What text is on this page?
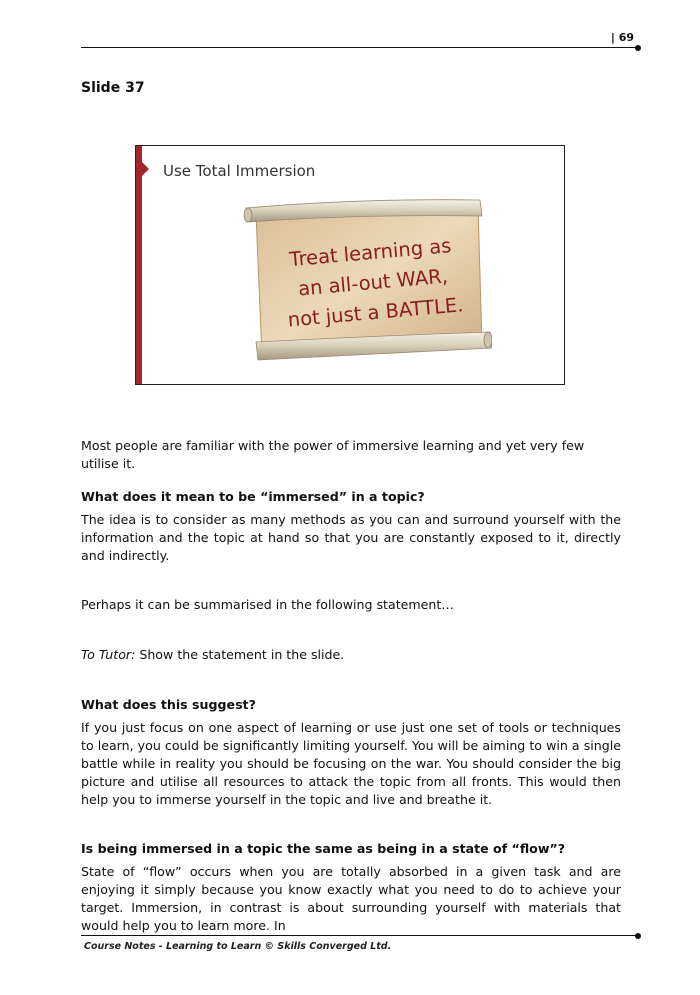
| 69
Slide 37
Use Total Immersion
Treat learning as
an all-out WAR,
not just a BATTLE.
Most people are familiar with the power of immersive learning and yet very few utilise it.
What does it mean to be “immersed” in a topic?
The idea is to consider as many methods as you can and surround yourself with the information and the topic at hand so that you are constantly exposed to it, directly and indirectly.
Perhaps it can be summarised in the following statement…
To Tutor: Show the statement in the slide.
What does this suggest?
If you just focus on one aspect of learning or use just one set of tools or techniques to learn, you could be significantly limiting yourself. You will be aiming to win a single battle while in reality you should be focusing on the war. You should consider the big picture and utilise all resources to attack the topic from all fronts. This would then help you to immerse yourself in the topic and live and breathe it.
Is being immersed in a topic the same as being in a state of “flow”?
State of “flow” occurs when you are totally absorbed in a given task and are enjoying it simply because you know exactly what you need to do to achieve your target. Immersion, in contrast is about surrounding yourself with materials that would help you to learn more. In
Course Notes - Learning to Learn © Skills Converged Ltd.
